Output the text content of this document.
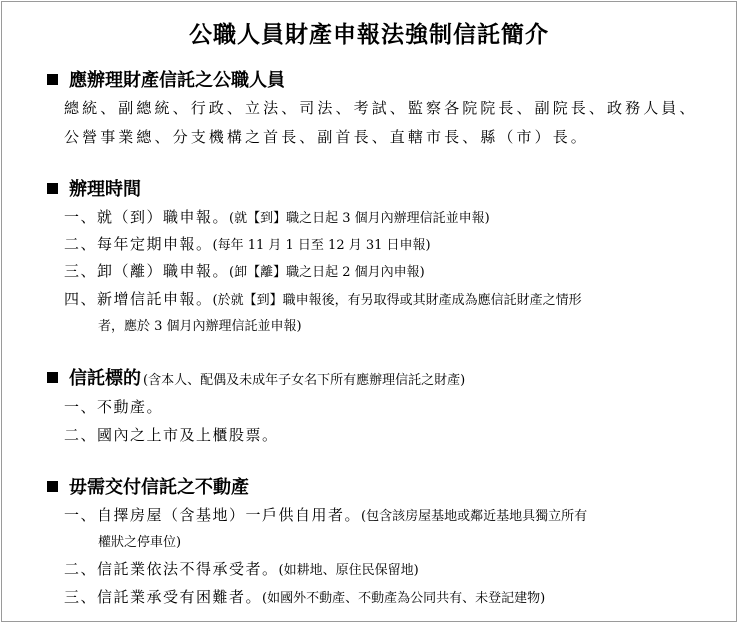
公職人員財產申報法強制信託簡介
應辦理財產信託之公職人員
總統、副總統、行政、立法、司法、考試、監察各院院長、副院長、政務人員、公營事業總、分支機構之首長、副首長、直轄市長、縣（市）長。
辦理時間
一、就（到）職申報。(就【到】職之日起 3 個月內辦理信託並申報)
二、每年定期申報。(每年 11 月 1 日至 12 月 31 日申報)
三、卸（離）職申報。(卸【離】職之日起 2 個月內申報)
四、新增信託申報。(於就【到】職申報後，有另取得或其財產成為應信託財產之情形
者，應於 3 個月內辦理信託並申報)
信託標的 (含本人、配偶及未成年子女名下所有應辦理信託之財產)
一、不動產。
二、國內之上市及上櫃股票。
毋需交付信託之不動產
一、自擇房屋（含基地）一戶供自用者。(包含該房屋基地或鄰近基地具獨立所有
權狀之停車位)
二、信託業依法不得承受者。(如耕地、原住民保留地)
三、信託業承受有困難者。(如國外不動產、不動產為公同共有、未登記建物)
